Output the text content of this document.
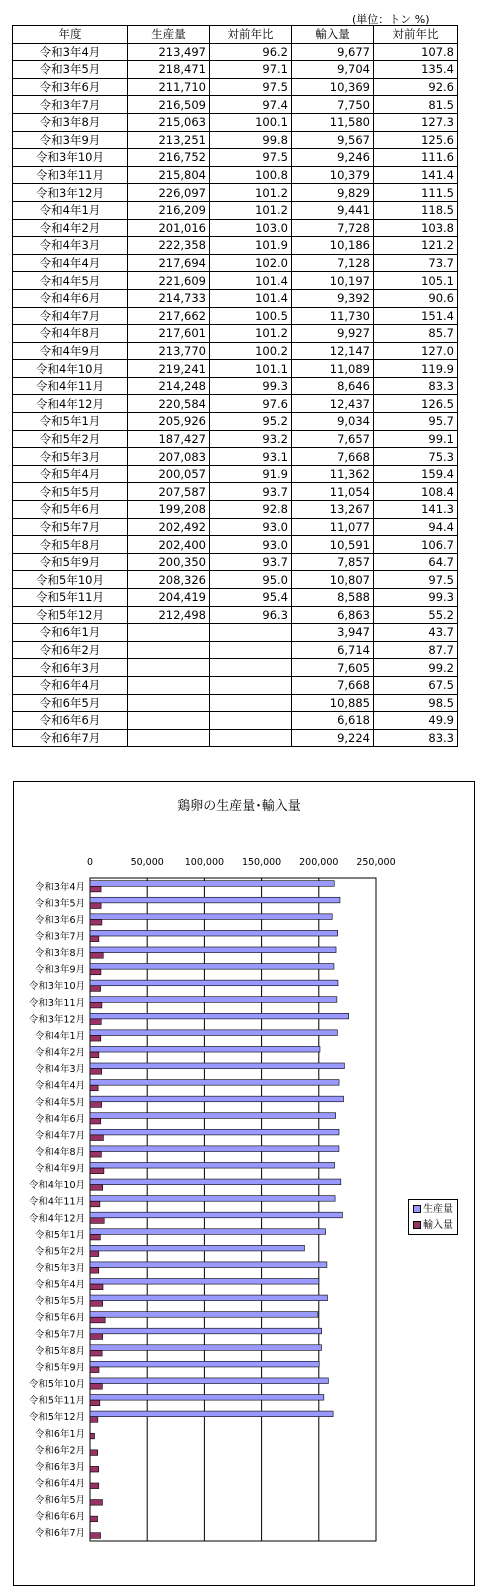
(単位：トン %)
年度	生産量	対前年比	輸入量	対前年比
令和3年4月	213,497	96.2	9,677	107.8
令和3年5月	218,471	97.1	9,704	135.4
令和3年6月	211,710	97.5	10,369	92.6
令和3年7月	216,509	97.4	7,750	81.5
令和3年8月	215,063	100.1	11,580	127.3
令和3年9月	213,251	99.8	9,567	125.6
令和3年10月	216,752	97.5	9,246	111.6
令和3年11月	215,804	100.8	10,379	141.4
令和3年12月	226,097	101.2	9,829	111.5
令和4年1月	216,209	101.2	9,441	118.5
令和4年2月	201,016	103.0	7,728	103.8
令和4年3月	222,358	101.9	10,186	121.2
令和4年4月	217,694	102.0	7,128	73.7
令和4年5月	221,609	101.4	10,197	105.1
令和4年6月	214,733	101.4	9,392	90.6
令和4年7月	217,662	100.5	11,730	151.4
令和4年8月	217,601	101.2	9,927	85.7
令和4年9月	213,770	100.2	12,147	127.0
令和4年10月	219,241	101.1	11,089	119.9
令和4年11月	214,248	99.3	8,646	83.3
令和4年12月	220,584	97.6	12,437	126.5
令和5年1月	205,926	95.2	9,034	95.7
令和5年2月	187,427	93.2	7,657	99.1
令和5年3月	207,083	93.1	7,668	75.3
令和5年4月	200,057	91.9	11,362	159.4
令和5年5月	207,587	93.7	11,054	108.4
令和5年6月	199,208	92.8	13,267	141.3
令和5年7月	202,492	93.0	11,077	94.4
令和5年8月	202,400	93.0	10,591	106.7
令和5年9月	200,350	93.7	7,857	64.7
令和5年10月	208,326	95.0	10,807	97.5
令和5年11月	204,419	95.4	8,588	99.3
令和5年12月	212,498	96.3	6,863	55.2
令和6年1月			3,947	43.7
令和6年2月			6,714	87.7
令和6年3月			7,605	99.2
令和6年4月			7,668	67.5
令和6年5月			10,885	98.5
令和6年6月			6,618	49.9
令和6年7月			9,224	83.3
鶏卵の生産量･輸入量
0	50,000 100,000 150,000 200,000 250,000
令和3年4月
令和3年5月
令和3年6月
令和3年7月
令和3年8月
令和3年9月
令和3年10月
令和3年11月
令和3年12月
令和4年1月
令和4年2月
令和4年3月
令和4年4月
令和4年5月
令和4年6月
令和4年7月
令和4年8月
令和4年9月
令和4年10月
令和4年11月
令和4年12月
令和5年1月
令和5年2月
令和5年3月
令和5年4月
令和5年5月
令和5年6月
令和5年7月
令和5年8月
令和5年9月
令和5年10月
令和5年11月
令和5年12月
令和6年1月
令和6年2月
令和6年3月
令和6年4月
令和6年5月
令和6年6月
令和6年7月
生産量
輸入量
